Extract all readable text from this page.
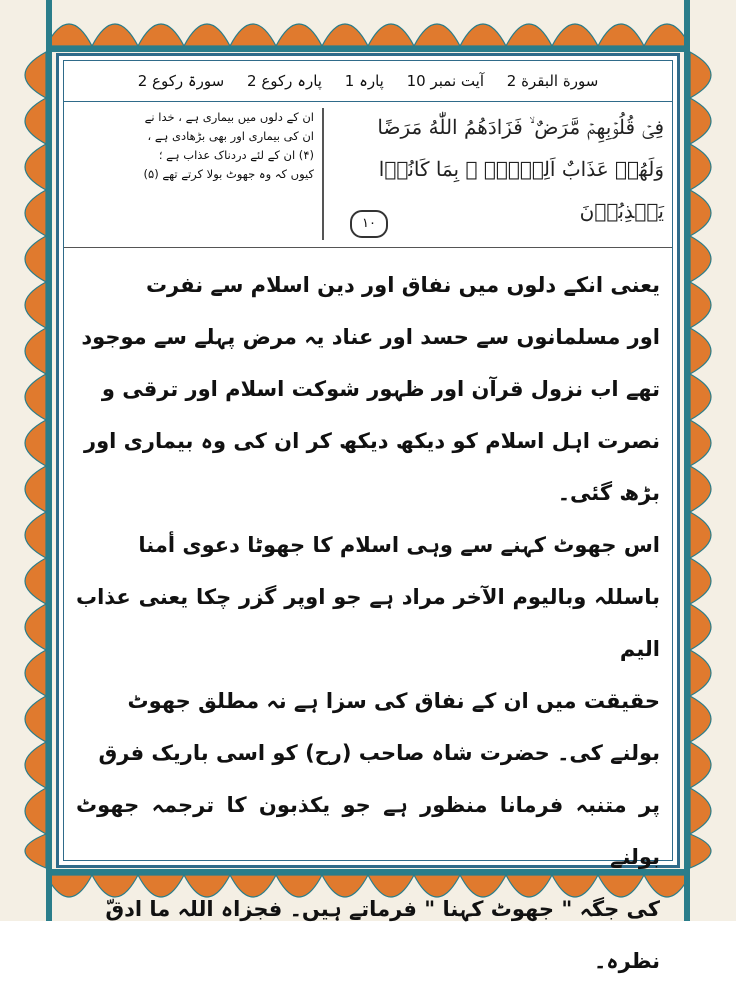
سورة البقرة 2 آیت نمبر 10 پارہ 1 پارہ رکوع 2 سورۃ رکوع 2
فِىۡ قُلُوۡبِهِمۡ مَّرَضٌ ۙ فَزَادَهُمُ اللّٰهُ مَرَضًا
وَلَهُمۡ عَذَابٌ اَلِيۡمٌۢ ۙ بِمَا كَانُوۡا يَكۡذِبُوۡنَ
١٠
ان کے دلوں میں بیماری ہے ، خدا نے
ان کی بیماری اور بھی بڑھادی ہے ،
(۴) ان کے لئے دردناک عذاب ہے ؛
کیوں کہ وہ جھوٹ بولا کرتے تھے (۵)

یعنی انکے دلوں میں نفاق اور دین اسلام سے نفرت

اور مسلمانوں سے حسد اور عناد یہ مرض پہلے سے موجود

تھے اب نزول قرآن اور ظہور شوکت اسلام اور ترقی و

نصرت اہل اسلام کو دیکھ دیکھ کر ان کی وہ بیماری اور

بڑھ گئی۔

اس جھوٹ کہنے سے وہی اسلام کا جھوٹا دعوی أمنا

باسللہ وبالیوم الآخر مراد ہے جو اوپر گزر چکا یعنی عذاب الیم

حقیقت میں ان کے نفاق کی سزا ہے نہ مطلق جھوٹ

بولنے کی۔ حضرت شاہ صاحب (رح) کو اسی باریک فرق

پر متنبہ فرمانا منظور ہے جو یکذبون کا ترجمہ جھوٹ بولنے

کی جگہ " جھوٹ کہنا " فرماتے ہیں۔ فجزاہ اللہ ما ادقّ

نظرہ۔
